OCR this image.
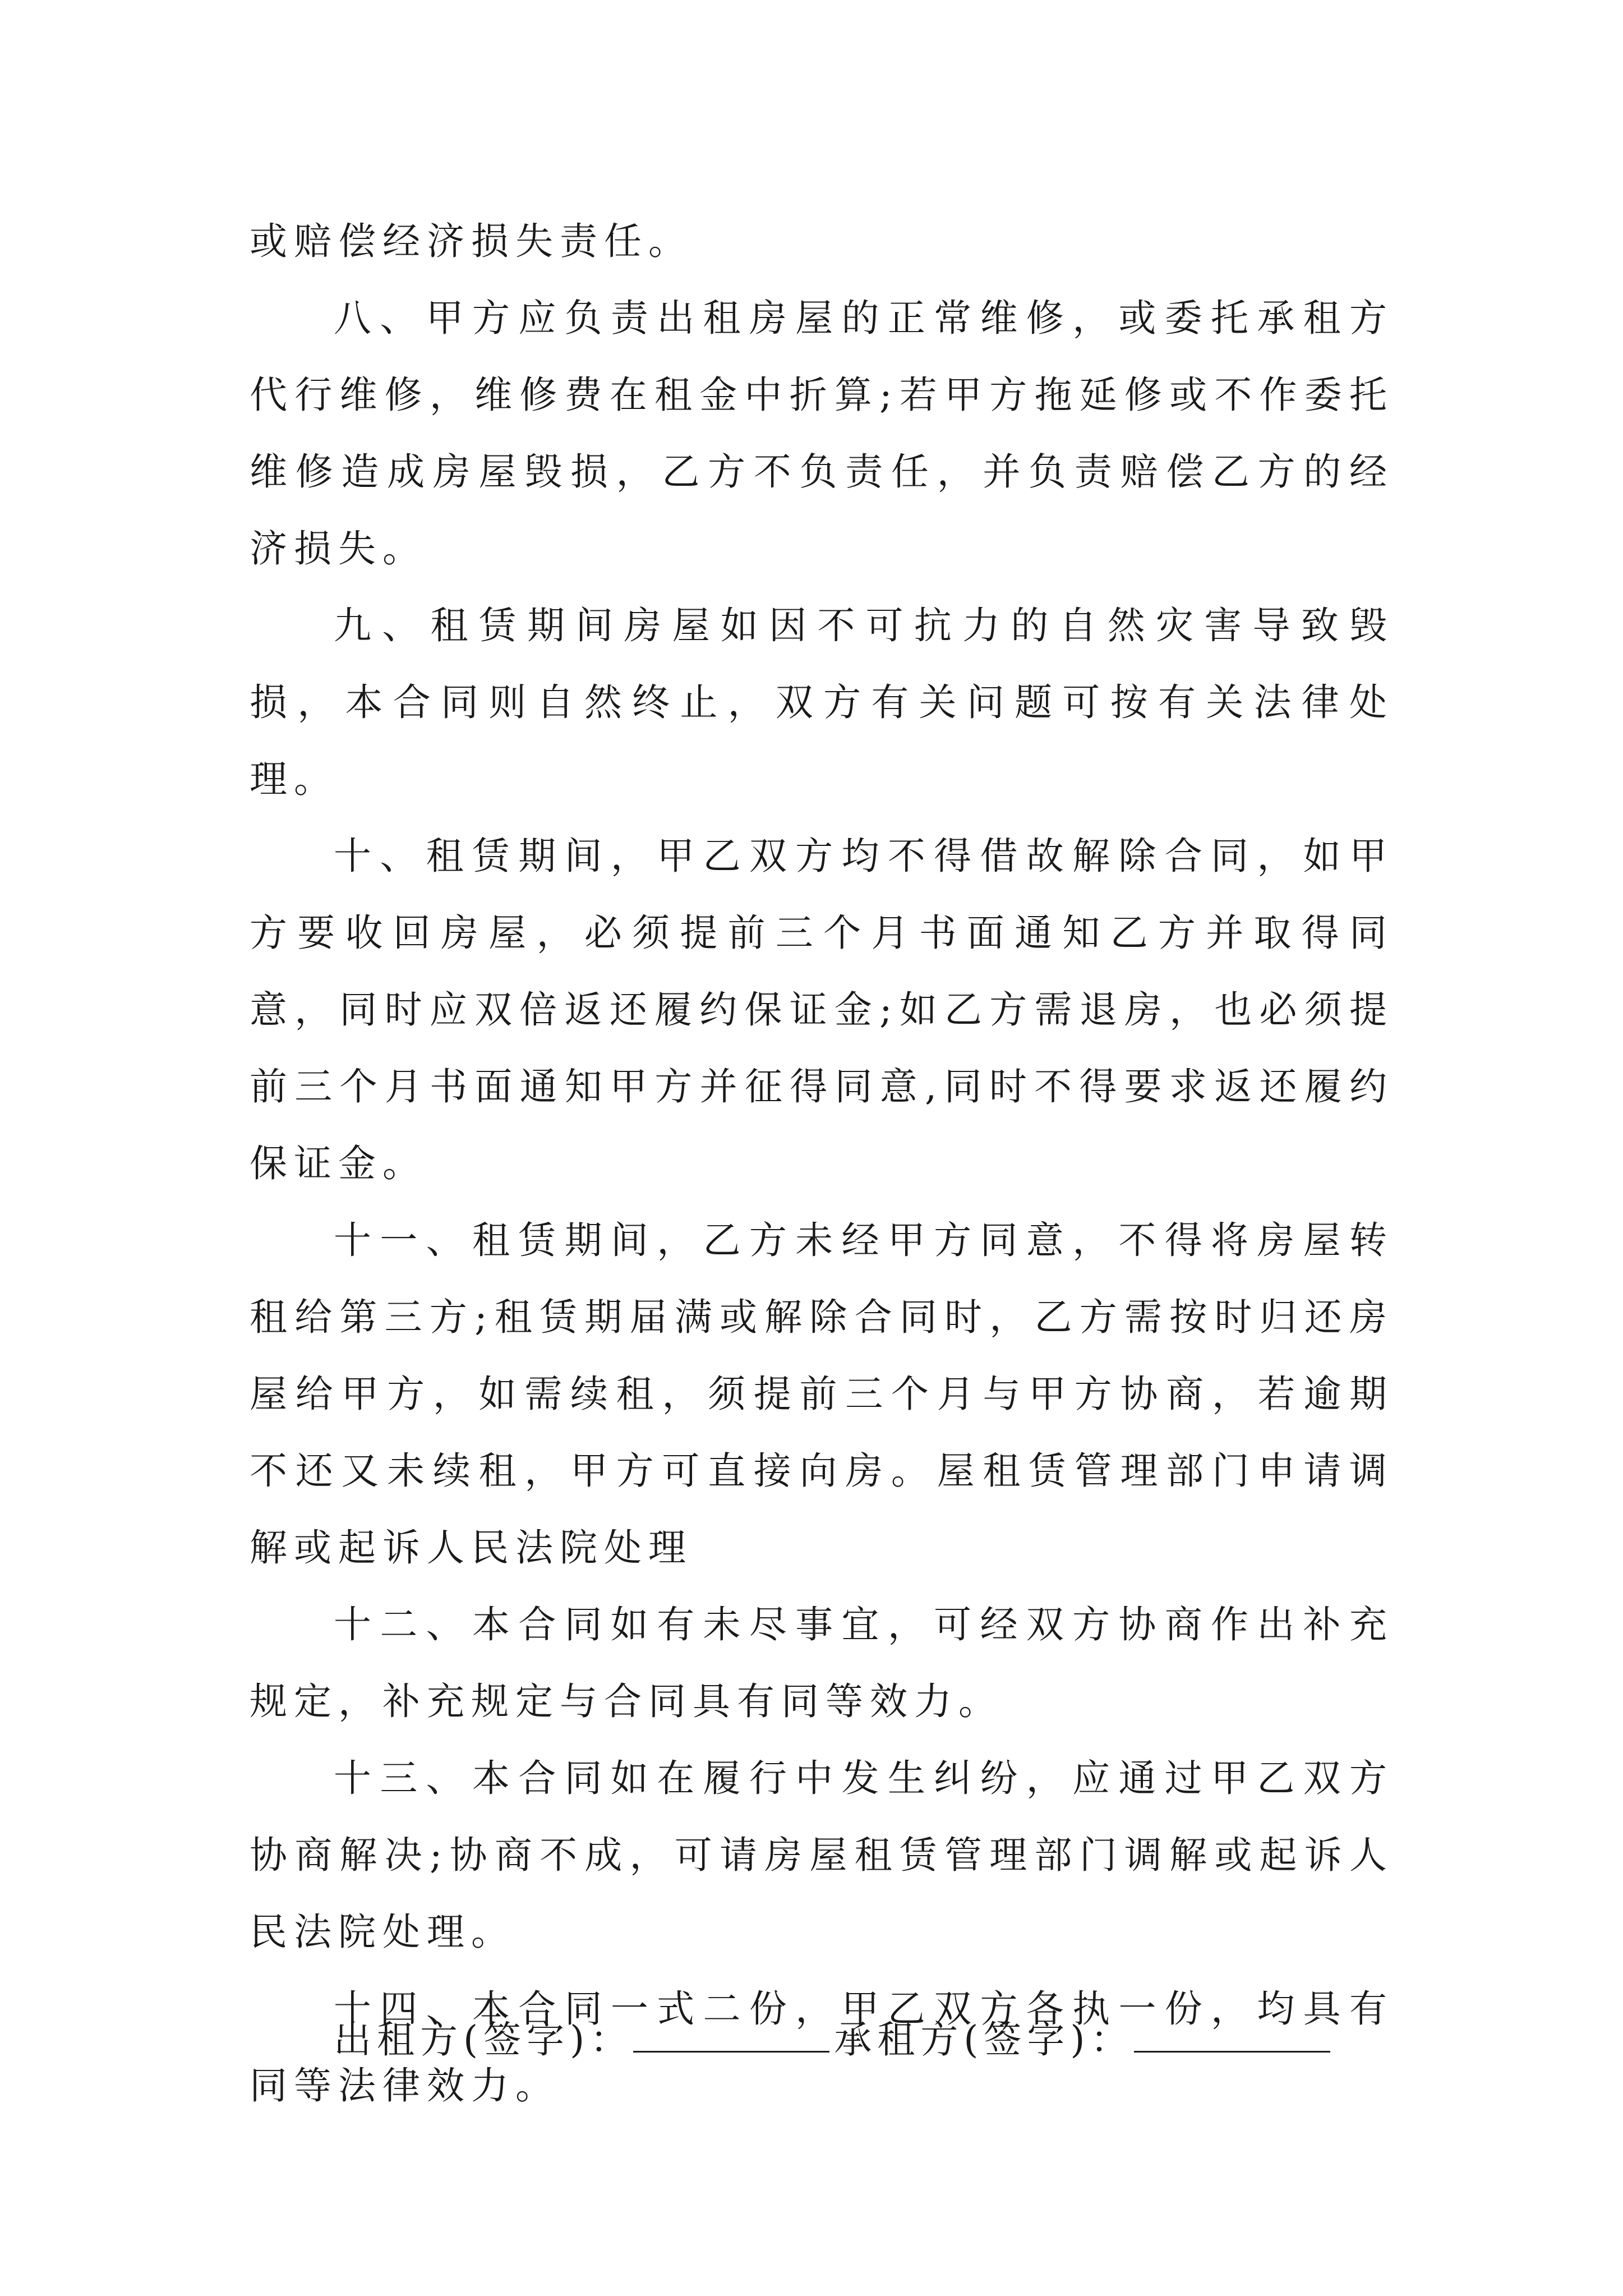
或赔偿经济损失责任。

八、甲方应负责出租房屋的正常维修，或委托承租方代行维修，维修费在租金中折算;若甲方拖延修或不作委托维修造成房屋毁损，乙方不负责任，并负责赔偿乙方的经济损失。

九、租赁期间房屋如因不可抗力的自然灾害导致毁损，本合同则自然终止，双方有关问题可按有关法律处理。

十、租赁期间，甲乙双方均不得借故解除合同，如甲方要收回房屋，必须提前三个月书面通知乙方并取得同意，同时应双倍返还履约保证金;如乙方需退房，也必须提前三个月书面通知甲方并征得同意,同时不得要求返还履约保证金。

十一、租赁期间，乙方未经甲方同意，不得将房屋转租给第三方;租赁期届满或解除合同时，乙方需按时归还房屋给甲方，如需续租，须提前三个月与甲方协商，若逾期不还又未续租，甲方可直接向房。屋租赁管理部门申请调解或起诉人民法院处理

十二、本合同如有未尽事宜，可经双方协商作出补充规定，补充规定与合同具有同等效力。

十三、本合同如在履行中发生纠纷，应通过甲乙双方协商解决;协商不成，可请房屋租赁管理部门调解或起诉人民法院处理。

十四、本合同一式二份，甲乙双方各执一份，均具有同等法律效力。

出租方(签字)：	承租方(签字)：
